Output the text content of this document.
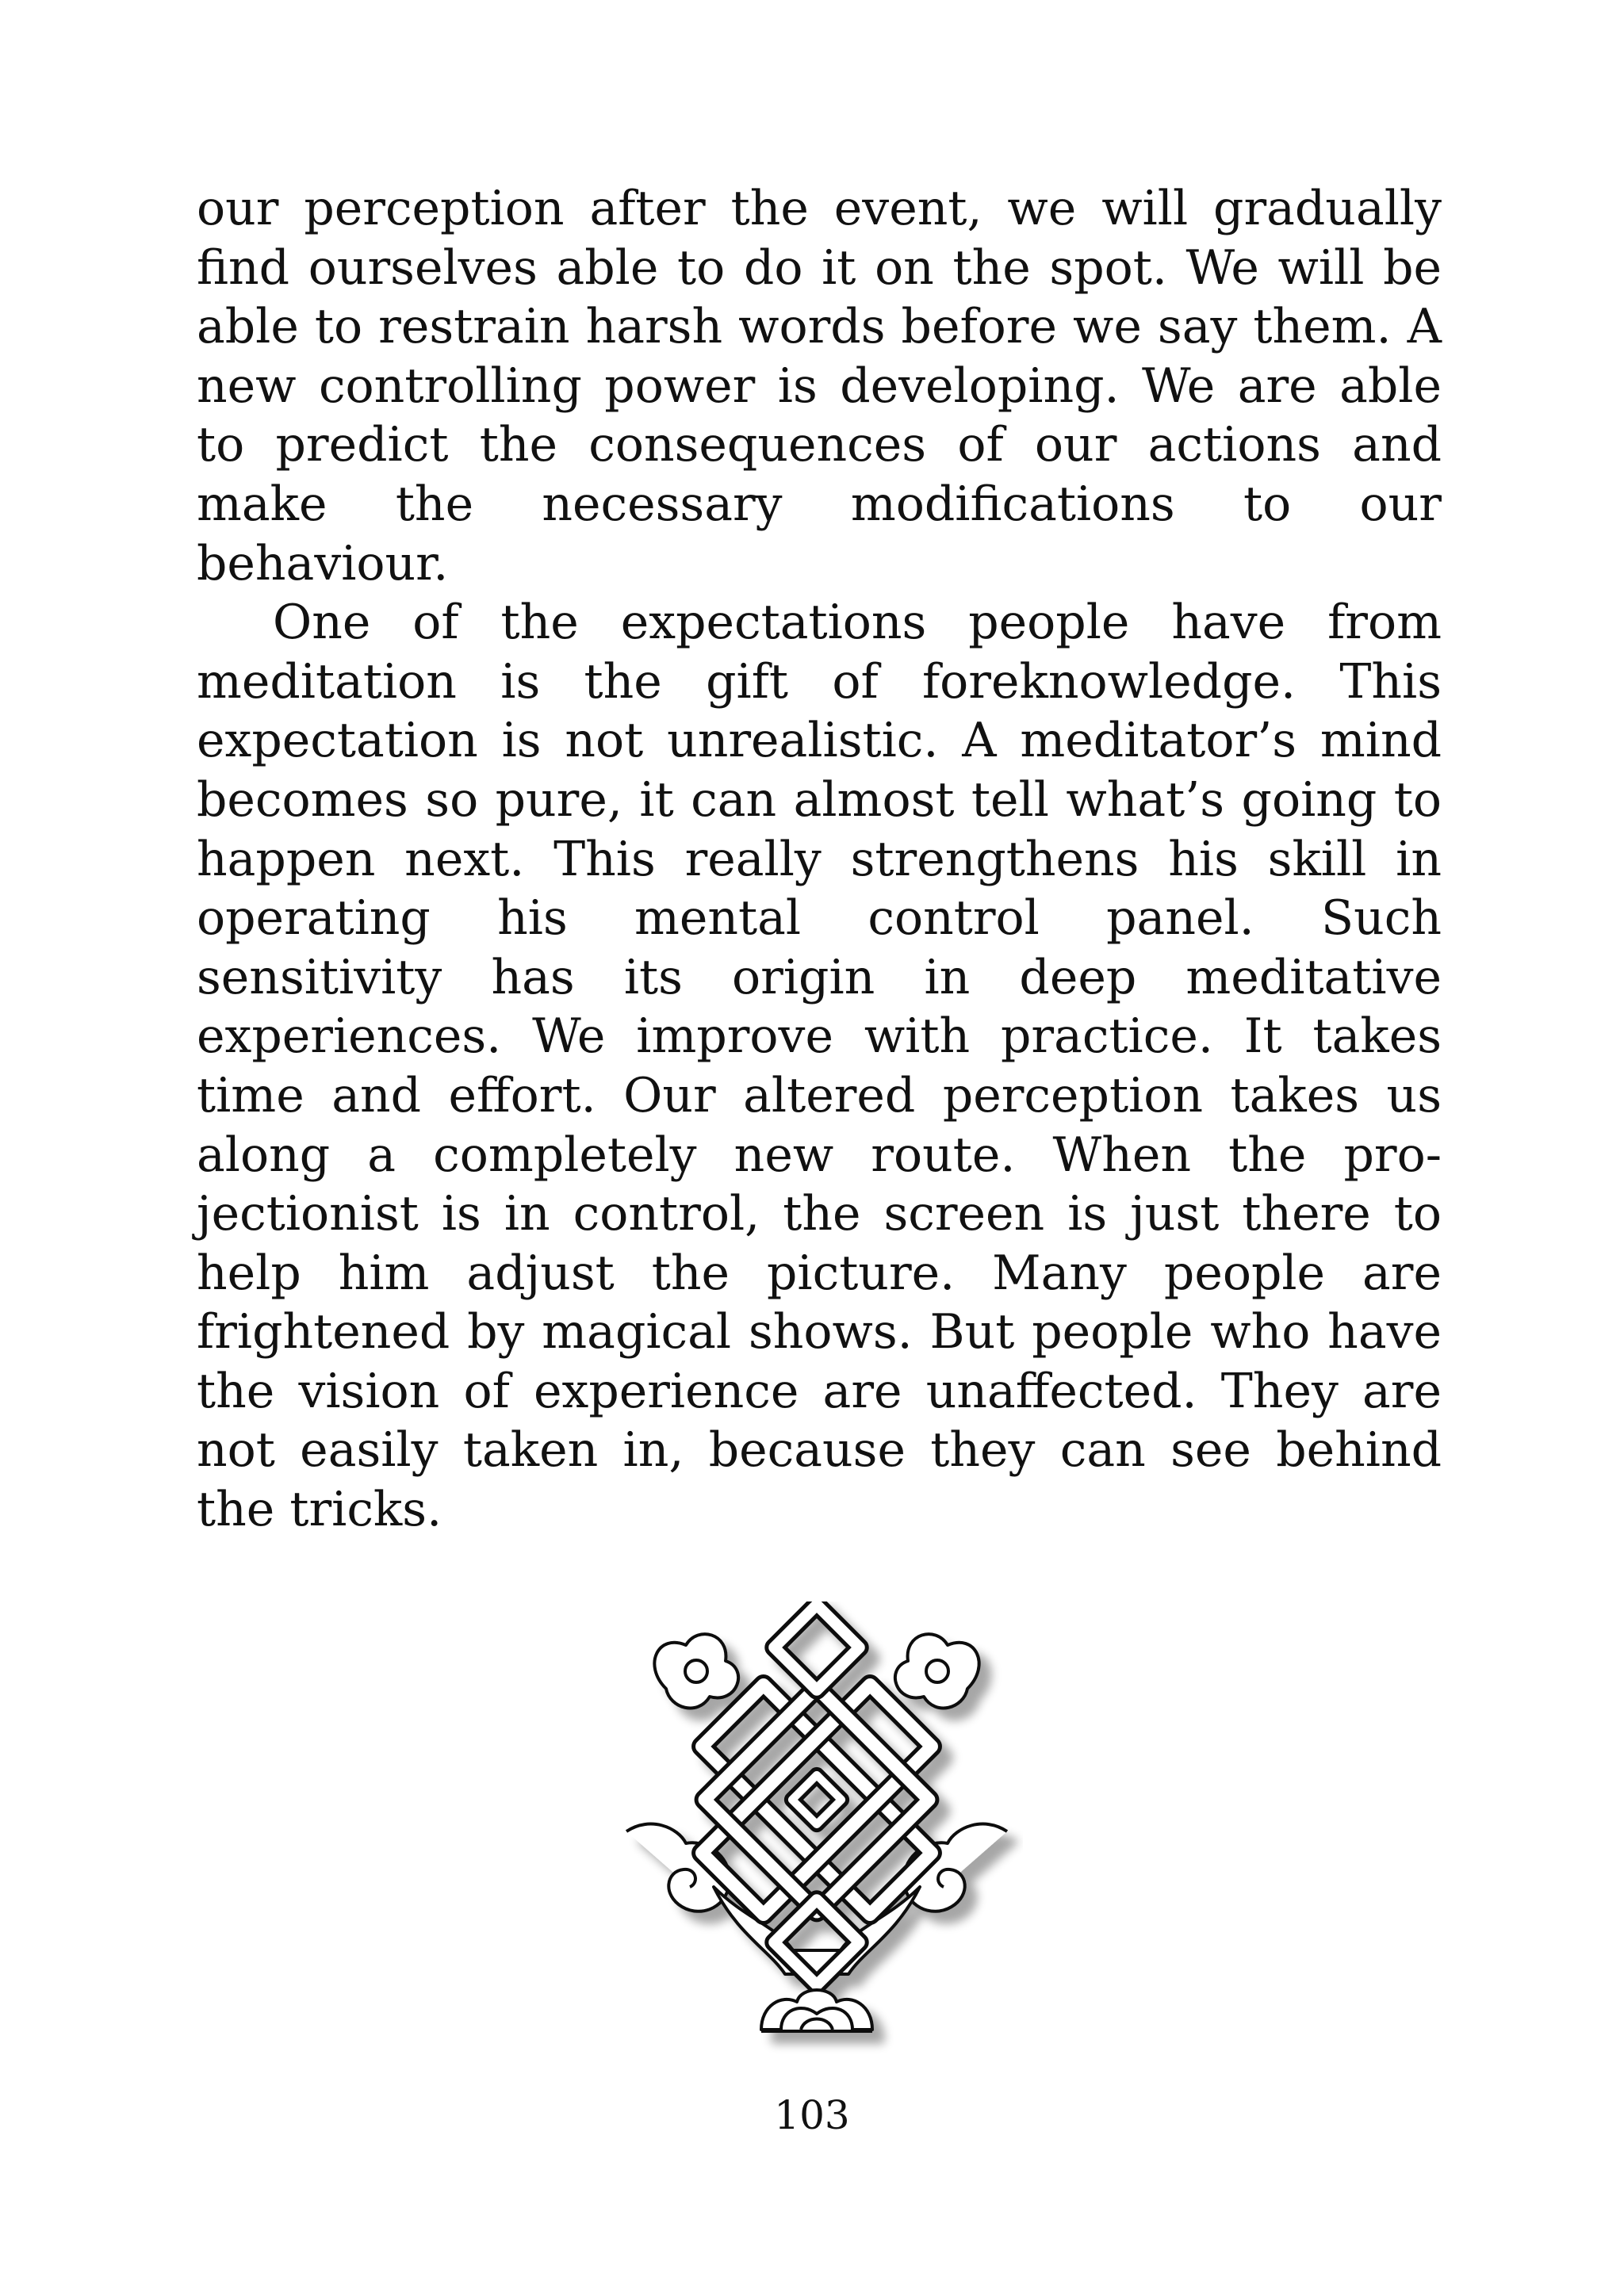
our perception after the event, we will gradually find ourselves able to do it on the spot. We will be able to restrain harsh words before we say them. A new controlling power is developing. We are able to predict the consequences of our actions and make the necessary modifications to our behaviour.

One of the expectations people have from meditation is the gift of foreknowledge. This expectation is not unrealistic. A meditator’s mind becomes so pure, it can almost tell what’s going to happen next. This really strengthens his skill in operating his mental control panel. Such sensitivity has its origin in deep meditative experiences. We improve with practice. It takes time and effort. Our altered perception takes us along a completely new route. When the projectionist is in control, the screen is just there to help him adjust the picture. Many people are frightened by magical shows. But people who have the vision of experience are unaffected. They are not easily taken in, because they can see behind the tricks.

103
